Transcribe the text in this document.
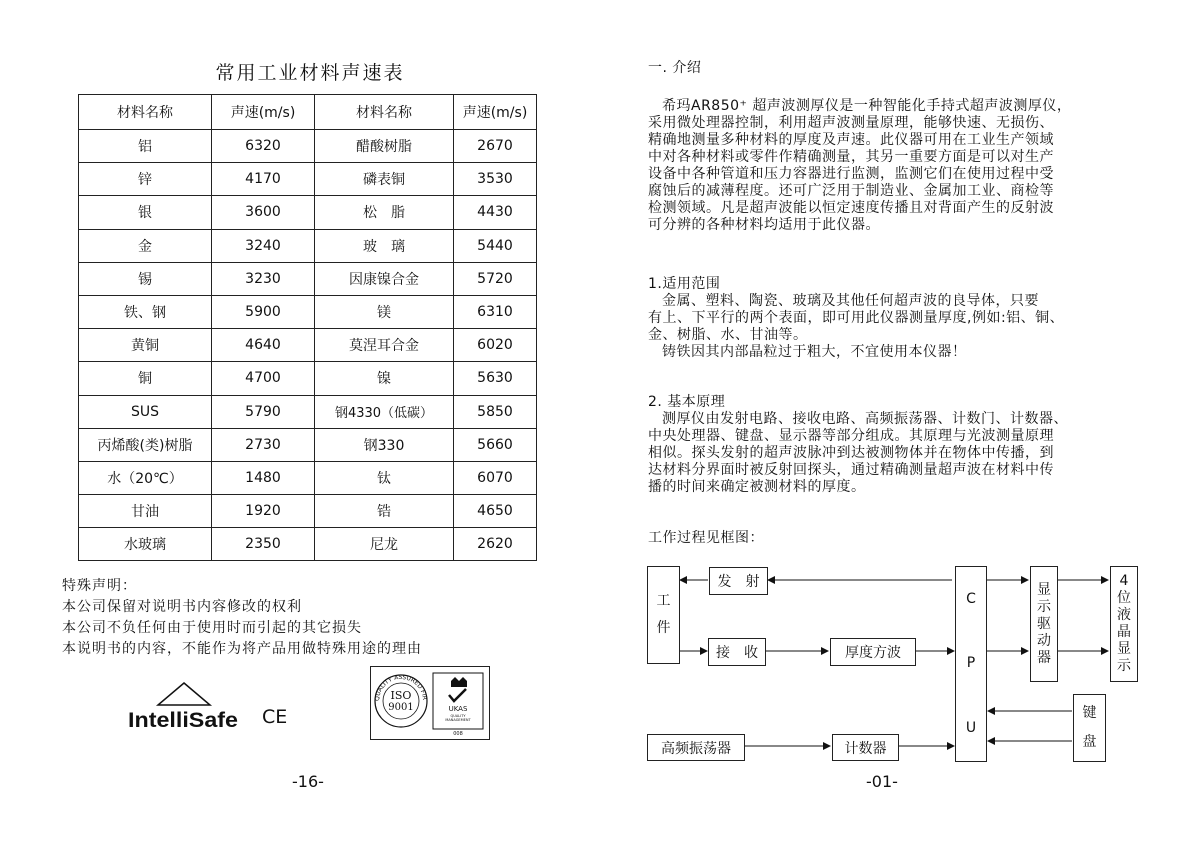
常用工业材料声速表
材料名称	声速(m/s)	材料名称	声速(m/s)
铝	6320	醋酸树脂	2670
锌	4170	磷表铜	3530
银	3600	松　脂	4430
金	3240	玻　璃	5440
锡	3230	因康镍合金	5720
铁、钢	5900	镁	6310
黄铜	4640	莫涅耳合金	6020
铜	4700	镍	5630
SUS	5790	钢4330（低碳）	5850
丙烯酸(类)树脂	2730	钢330	5660
水（20℃）	1480	钛	6070
甘油	1920	锆	4650
水玻璃	2350	尼龙	2620
特殊声明：
本公司保留对说明书内容修改的权利
本公司不负任何由于使用时而引起的其它损失
本说明书的内容，不能作为将产品用做特殊用途的理由
IntelliSafe CE
QUALITY ASSURED FIR
ISO
9001	UKAS
QUALITY
MANAGEMENT
008
-16-
一. 介绍
希玛AR850⁺ 超声波测厚仪是一种智能化手持式超声波测厚仪，
采用微处理器控制，利用超声波测量原理，能够快速、无损伤、
精确地测量多种材料的厚度及声速。此仪器可用在工业生产领域
中对各种材料或零件作精确测量，其另一重要方面是可以对生产
设备中各种管道和压力容器进行监测，监测它们在使用过程中受
腐蚀后的减薄程度。还可广泛用于制造业、金属加工业、商检等
检测领域。凡是超声波能以恒定速度传播且对背面产生的反射波
可分辨的各种材料均适用于此仪器。
1.适用范围
金属、塑料、陶瓷、玻璃及其他任何超声波的良导体，只要
有上、下平行的两个表面，即可用此仪器测量厚度,例如:铝、铜、
金、树脂、水、甘油等。
铸铁因其内部晶粒过于粗大，不宜使用本仪器！
2. 基本原理
测厚仪由发射电路、接收电路、高频振荡器、计数门、计数器、
中央处理器、键盘、显示器等部分组成。其原理与光波测量原理
相似。探头发射的超声波脉冲到达被测物体并在物体中传播，到
达材料分界面时被反射回探头，通过精确测量超声波在材料中传
播的时间来确定被测材料的厚度。
工作过程见框图：
工
件
发　射
接　收	厚度方波
C
P
U
显
示
驱
动
器
4
位
液
晶
显
示
键
盘
高频振荡器	计数器
-01-
